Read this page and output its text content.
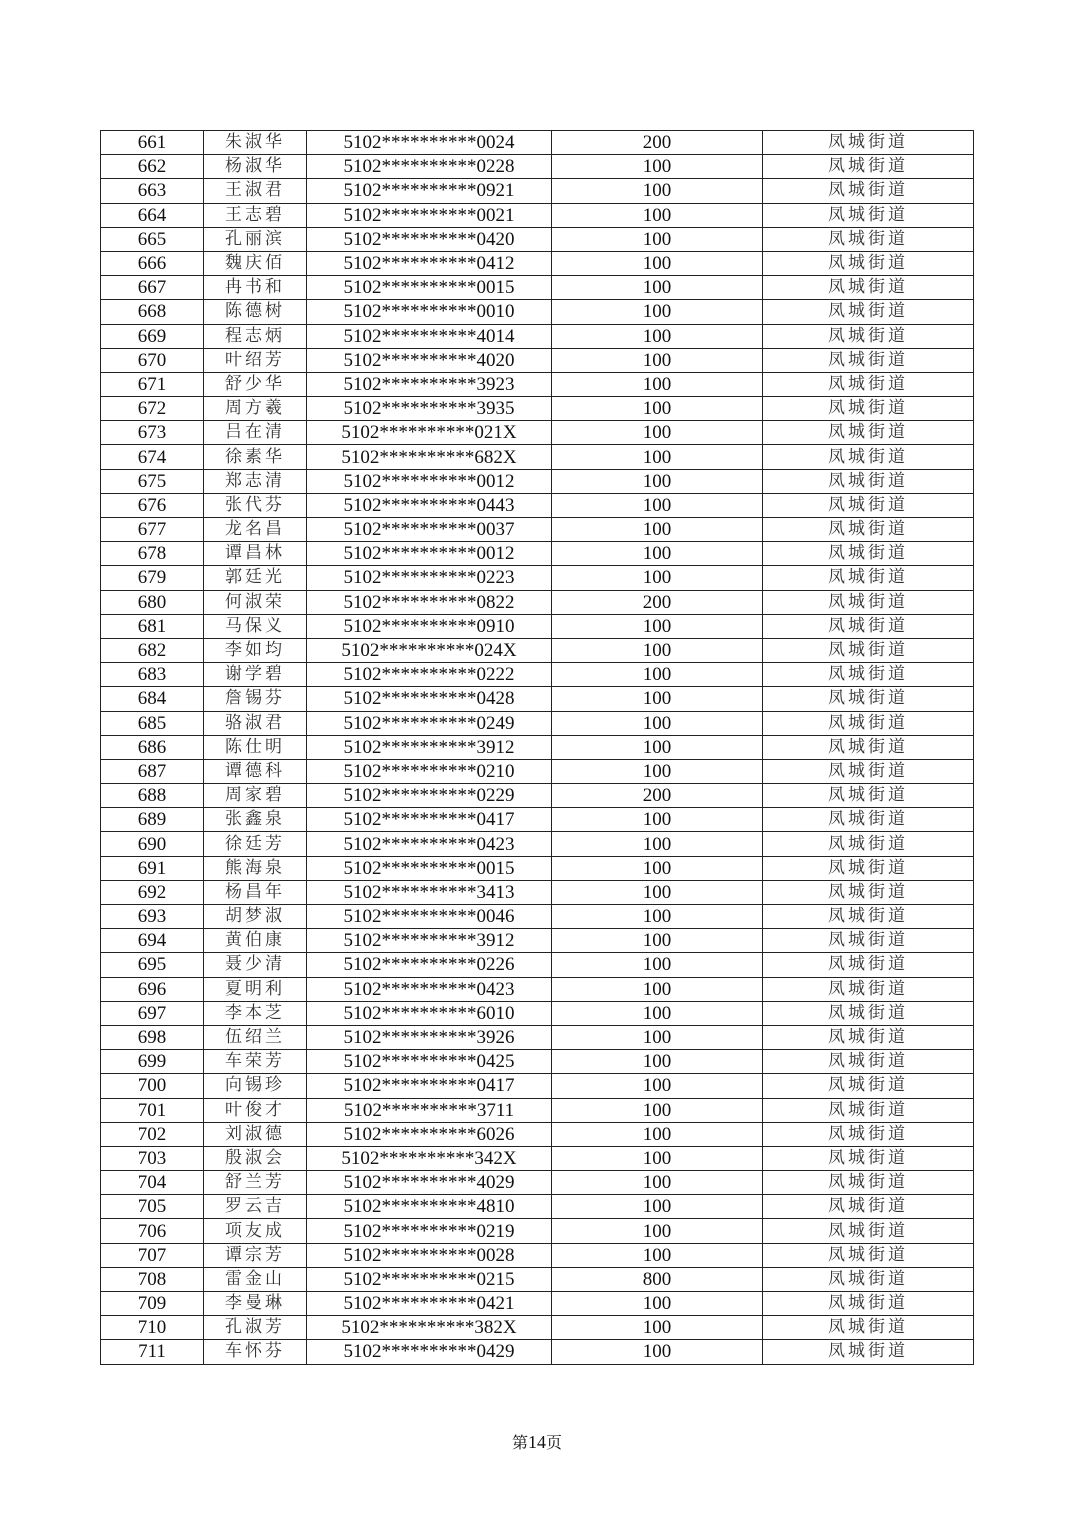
661	朱淑华	5102**********0024	200	凤城街道
662	杨淑华	5102**********0228	100	凤城街道
663	王淑君	5102**********0921	100	凤城街道
664	王志碧	5102**********0021	100	凤城街道
665	孔丽滨	5102**********0420	100	凤城街道
666	魏庆佰	5102**********0412	100	凤城街道
667	冉书和	5102**********0015	100	凤城街道
668	陈德树	5102**********0010	100	凤城街道
669	程志炳	5102**********4014	100	凤城街道
670	叶绍芳	5102**********4020	100	凤城街道
671	舒少华	5102**********3923	100	凤城街道
672	周方羲	5102**********3935	100	凤城街道
673	吕在清	5102**********021X	100	凤城街道
674	徐素华	5102**********682X	100	凤城街道
675	郑志清	5102**********0012	100	凤城街道
676	张代芬	5102**********0443	100	凤城街道
677	龙名昌	5102**********0037	100	凤城街道
678	谭昌林	5102**********0012	100	凤城街道
679	郭廷光	5102**********0223	100	凤城街道
680	何淑荣	5102**********0822	200	凤城街道
681	马保义	5102**********0910	100	凤城街道
682	李如均	5102**********024X	100	凤城街道
683	谢学碧	5102**********0222	100	凤城街道
684	詹锡芬	5102**********0428	100	凤城街道
685	骆淑君	5102**********0249	100	凤城街道
686	陈仕明	5102**********3912	100	凤城街道
687	谭德科	5102**********0210	100	凤城街道
688	周家碧	5102**********0229	200	凤城街道
689	张鑫泉	5102**********0417	100	凤城街道
690	徐廷芳	5102**********0423	100	凤城街道
691	熊海泉	5102**********0015	100	凤城街道
692	杨昌年	5102**********3413	100	凤城街道
693	胡梦淑	5102**********0046	100	凤城街道
694	黄伯康	5102**********3912	100	凤城街道
695	聂少清	5102**********0226	100	凤城街道
696	夏明利	5102**********0423	100	凤城街道
697	李本芝	5102**********6010	100	凤城街道
698	伍绍兰	5102**********3926	100	凤城街道
699	车荣芳	5102**********0425	100	凤城街道
700	向锡珍	5102**********0417	100	凤城街道
701	叶俊才	5102**********3711	100	凤城街道
702	刘淑德	5102**********6026	100	凤城街道
703	殷淑会	5102**********342X	100	凤城街道
704	舒兰芳	5102**********4029	100	凤城街道
705	罗云吉	5102**********4810	100	凤城街道
706	项友成	5102**********0219	100	凤城街道
707	谭宗芳	5102**********0028	100	凤城街道
708	雷金山	5102**********0215	800	凤城街道
709	李曼琳	5102**********0421	100	凤城街道
710	孔淑芳	5102**********382X	100	凤城街道
711	车怀芬	5102**********0429	100	凤城街道
第14页
